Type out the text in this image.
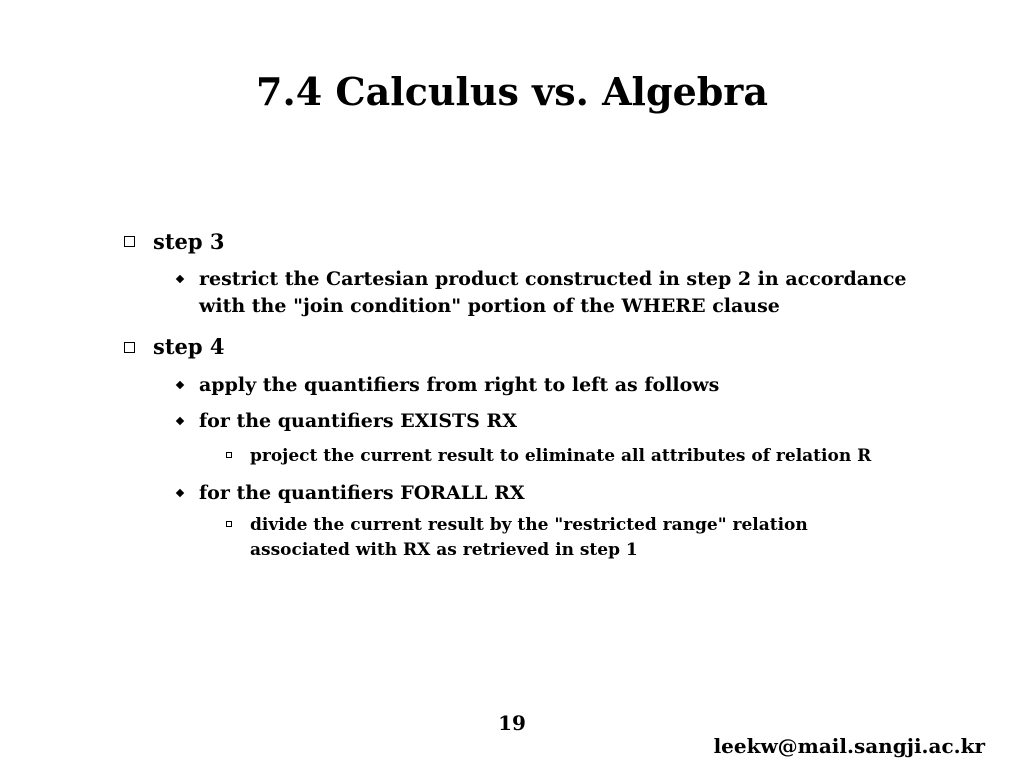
7.4 Calculus vs. Algebra
step 3
restrict the Cartesian product constructed in step 2 in accordance
with the "join condition" portion of the WHERE clause
step 4
apply the quantifiers from right to left as follows
for the quantifiers EXISTS RX
project the current result to eliminate all attributes of relation R
for the quantifiers FORALL RX
divide the current result by the "restricted range" relation
associated with RX as retrieved in step 1
19
leekw@mail.sangji.ac.kr
